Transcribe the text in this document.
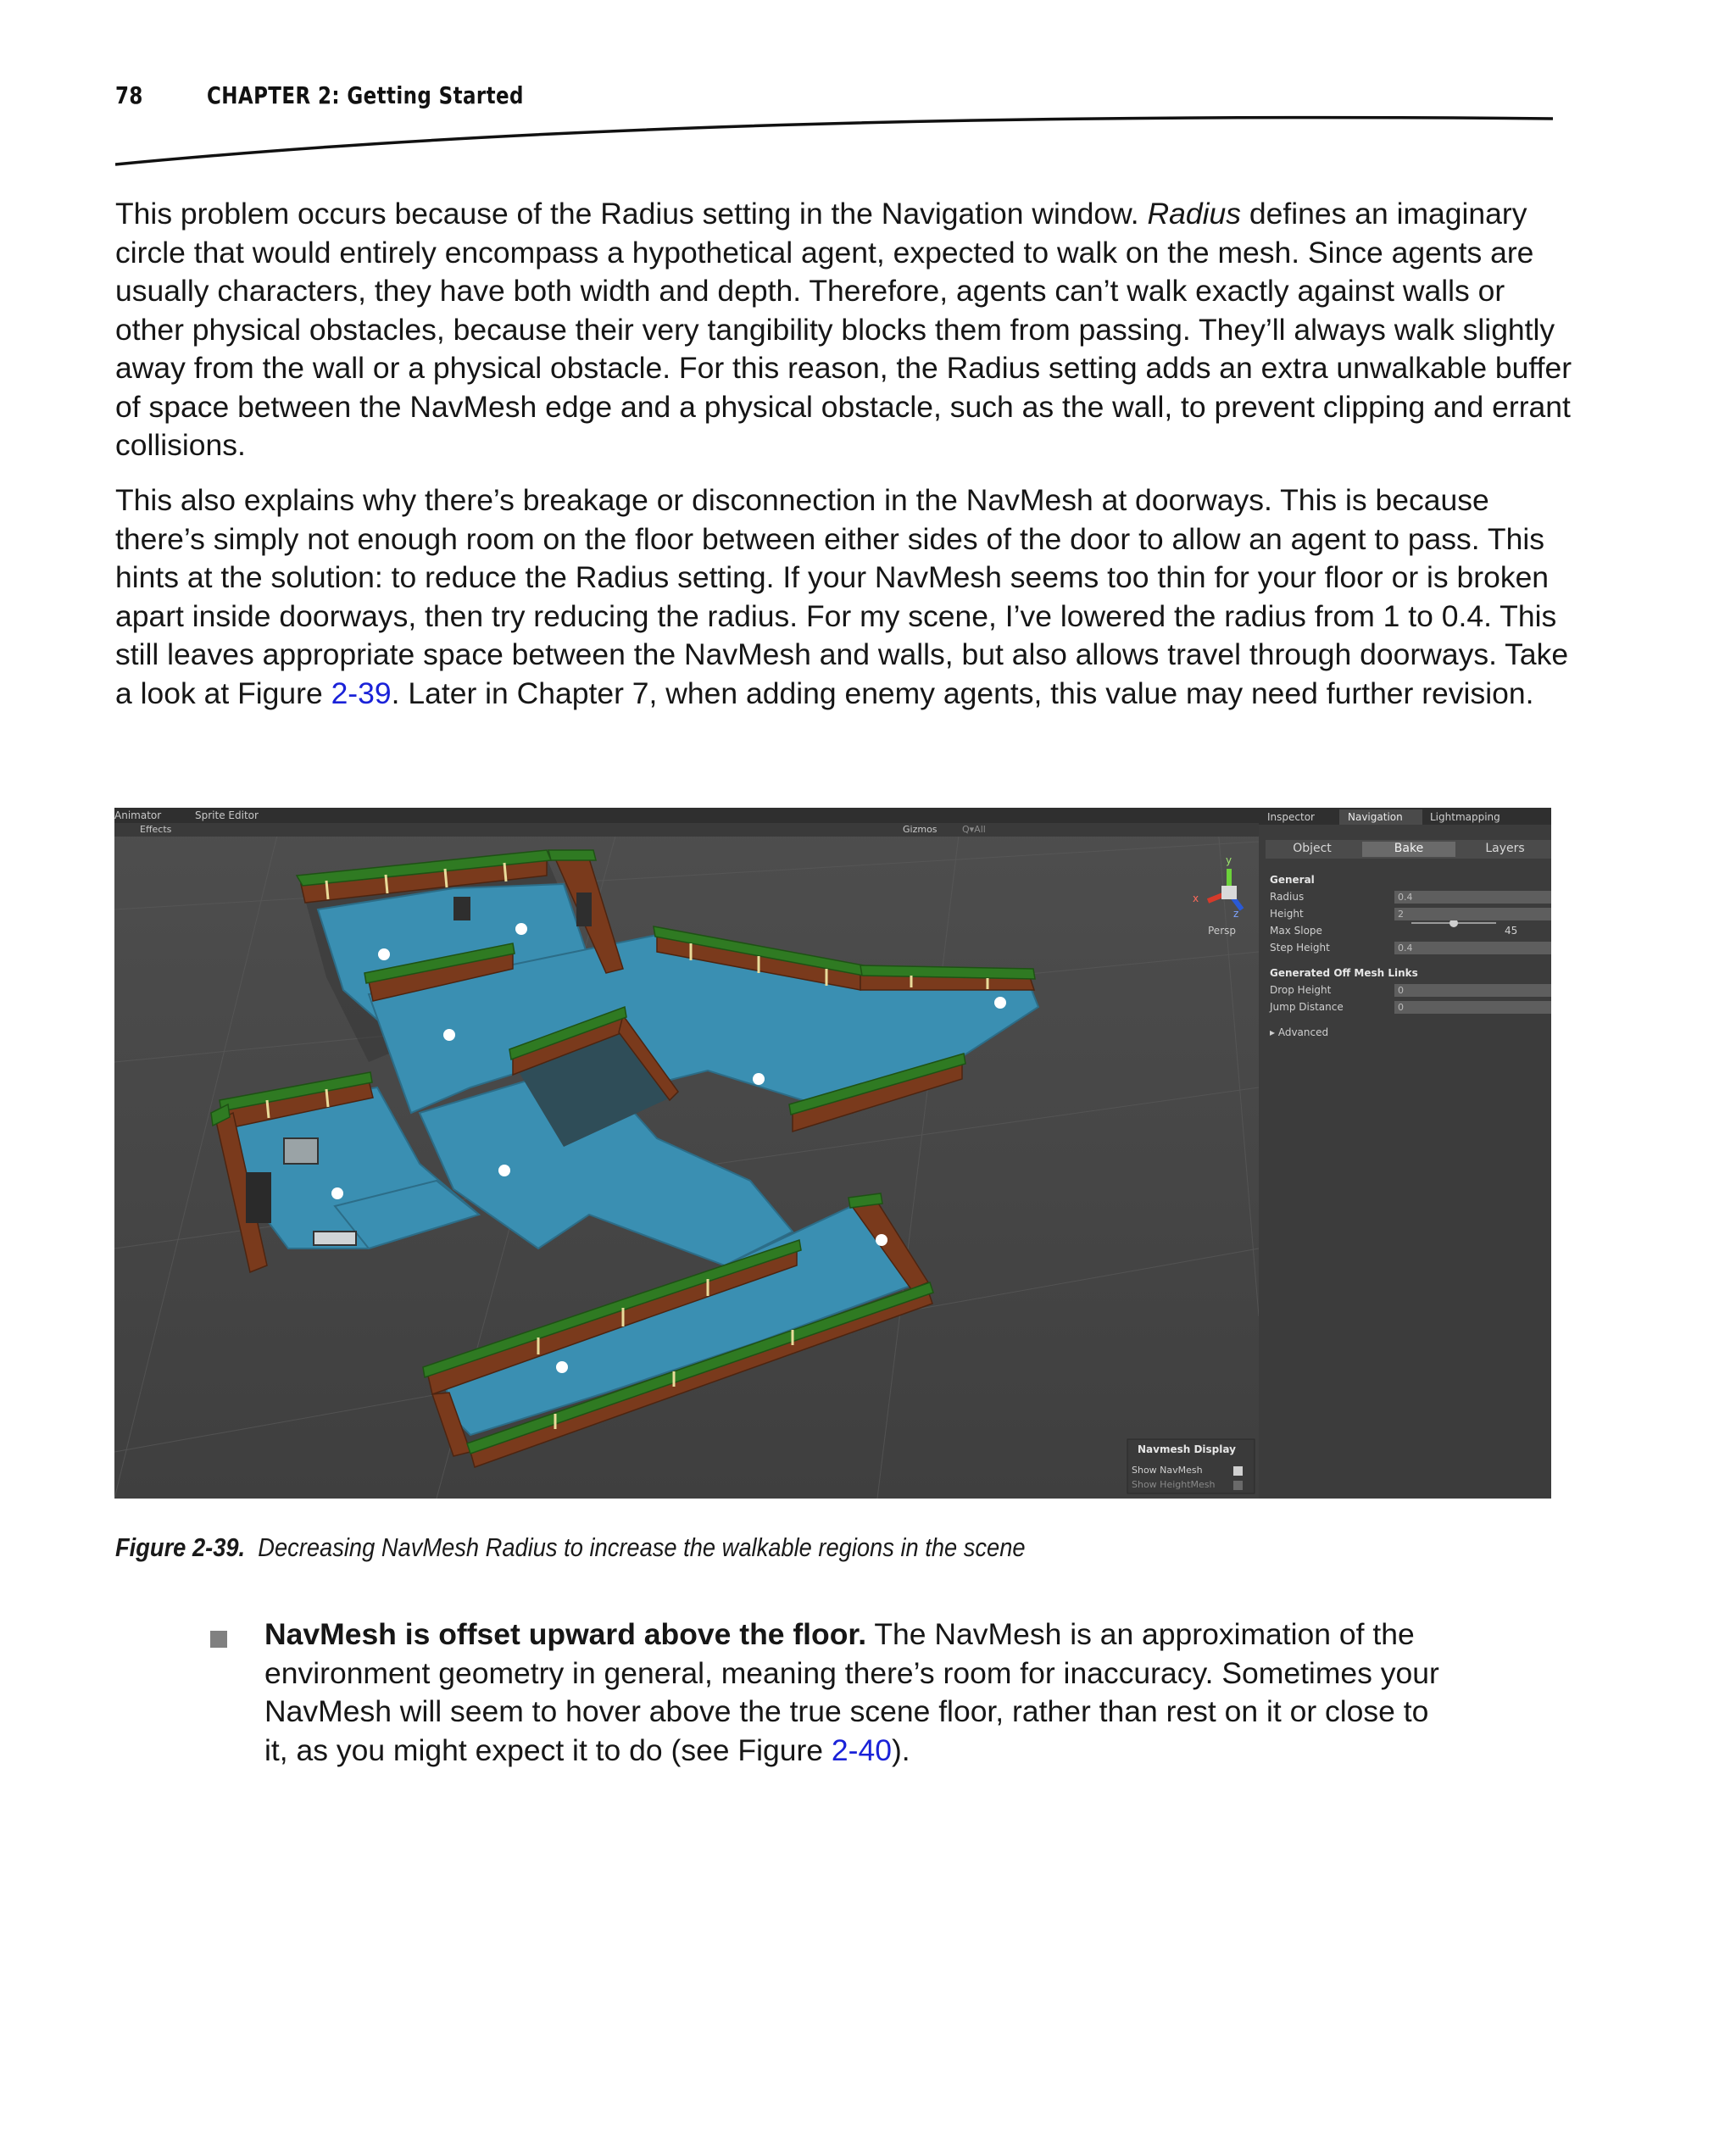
78	CHAPTER 2: Getting Started

This problem occurs because of the Radius setting in the Navigation window. Radius defines an imaginary circle that would entirely encompass a hypothetical agent, expected to walk on the mesh. Since agents are usually characters, they have both width and depth. Therefore, agents can’t walk exactly against walls or other physical obstacles, because their very tangibility blocks them from passing. They’ll always walk slightly away from the wall or a physical obstacle. For this reason, the Radius setting adds an extra unwalkable buffer of space between the NavMesh edge and a physical obstacle, such as the wall, to prevent clipping and errant collisions.

This also explains why there’s breakage or disconnection in the NavMesh at doorways. This is because there’s simply not enough room on the floor between either sides of the door to allow an agent to pass. This hints at the solution: to reduce the Radius setting. If your NavMesh seems too thin for your floor or is broken apart inside doorways, then try reducing the radius. For my scene, I’ve lowered the radius from 1 to 0.4. This still leaves appropriate space between the NavMesh and walls, but also allows travel through doorways. Take a look at Figure 2-39. Later in Chapter 7, when adding enemy agents, this value may need further revision.

Animator	Sprite Editor
Effects	Gizmos	Q▾All
y
x
z
Persp
Inspector	Navigation	Lightmapping
Object	Bake	Layers
General
Radius	0.4
Height	2
Max Slope	45
Step Height	0.4
Generated Off Mesh Links
Drop Height	0
Jump Distance	0
▸ Advanced
Navmesh Display
Show NavMesh
Show HeightMesh
Figure 2-39. Decreasing NavMesh Radius to increase the walkable regions in the scene

NavMesh is offset upward above the floor. The NavMesh is an approximation of the environment geometry in general, meaning there’s room for inaccuracy. Sometimes your NavMesh will seem to hover above the true scene floor, rather than rest on it or close to it, as you might expect it to do (see Figure 2-40).
